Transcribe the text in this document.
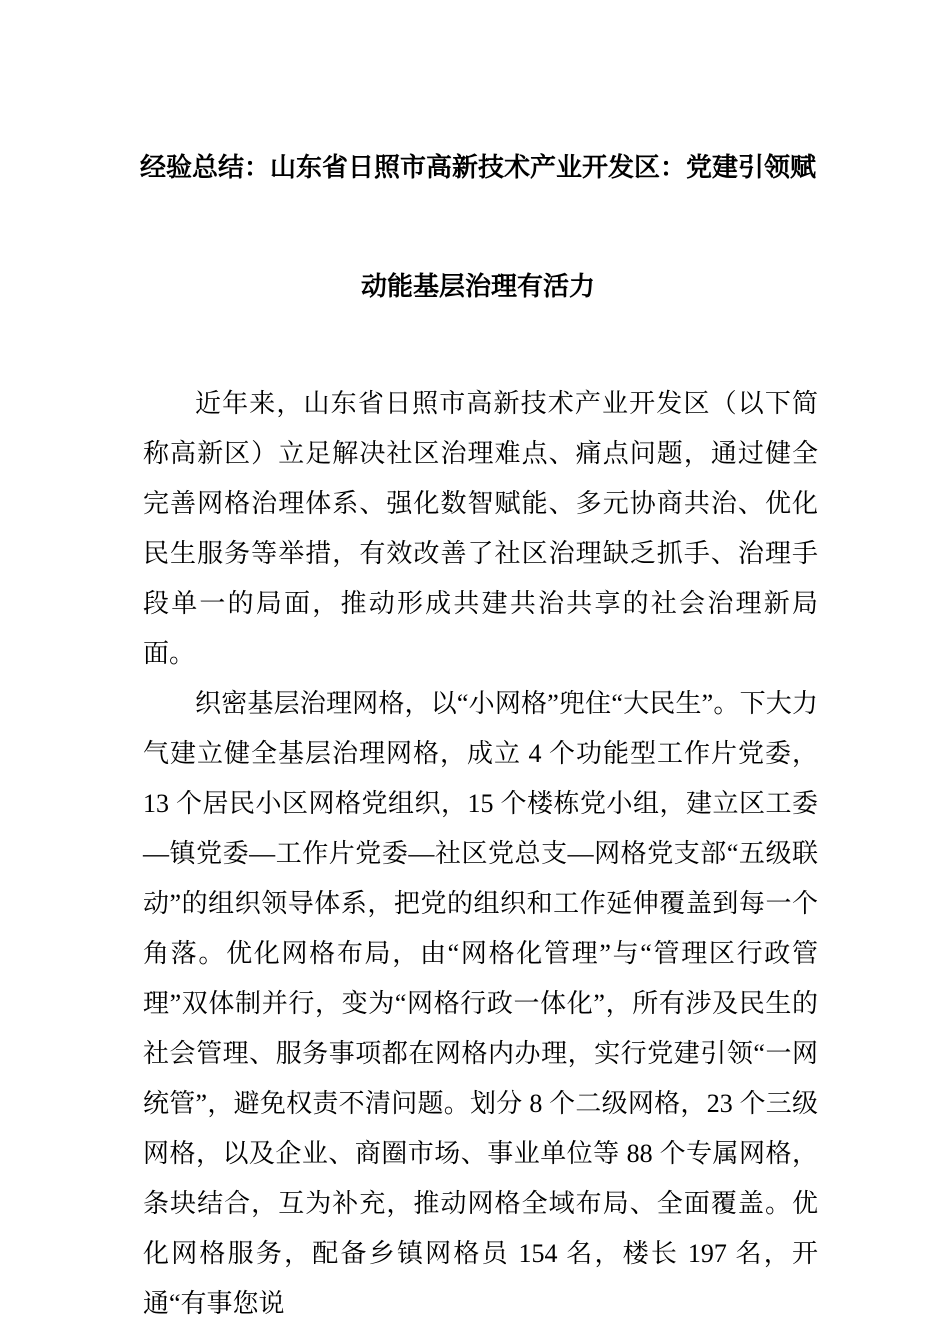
经验总结：山东省日照市高新技术产业开发区：党建引领赋
动能基层治理有活力

近年来，山东省日照市高新技术产业开发区（以下简称高新区）立足解决社区治理难点、痛点问题，通过健全完善网格治理体系、强化数智赋能、多元协商共治、优化民生服务等举措，有效改善了社区治理缺乏抓手、治理手段单一的局面，推动形成共建共治共享的社会治理新局面。

织密基层治理网格，以“小网格”兜住“大民生”。下大力气建立健全基层治理网格，成立 4 个功能型工作片党委，13 个居民小区网格党组织，15 个楼栋党小组，建立区工委—镇党委—工作片党委—社区党总支—网格党支部“五级联动”的组织领导体系，把党的组织和工作延伸覆盖到每一个角落。优化网格布局，由“网格化管理”与“管理区行政管理”双体制并行，变为“网格行政一体化”，所有涉及民生的社会管理、服务事项都在网格内办理，实行党建引领“一网统管”，避免权责不清问题。划分 8 个二级网格，23 个三级网格，以及企业、商圈市场、事业单位等 88 个专属网格，条块结合，互为补充，推动网格全域布局、全面覆盖。优化网格服务，配备乡镇网格员 154 名，楼长 197 名，开通“有事您说
